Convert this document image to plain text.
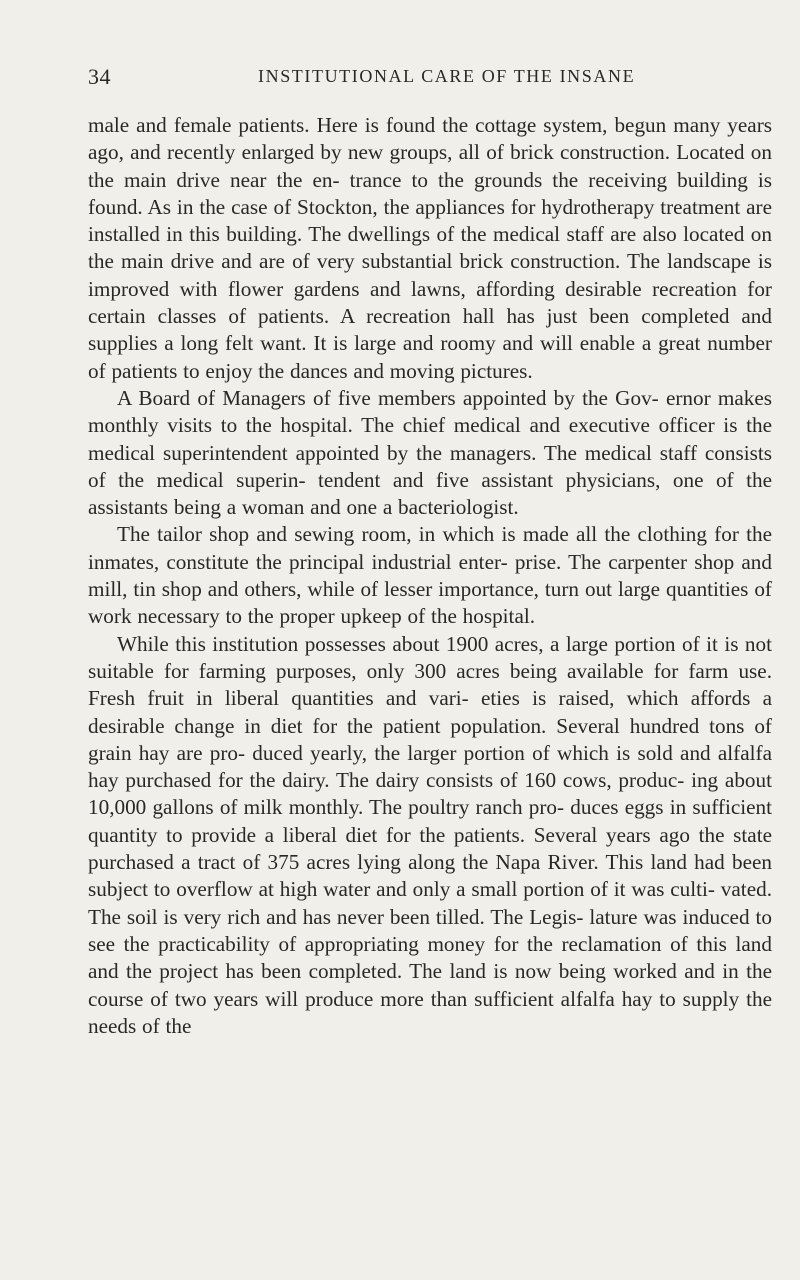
34	INSTITUTIONAL CARE OF THE INSANE

male and female patients. Here is found the cottage system, begun many years ago, and recently enlarged by new groups, all of brick construction. Located on the main drive near the en- trance to the grounds the receiving building is found. As in the case of Stockton, the appliances for hydrotherapy treatment are installed in this building. The dwellings of the medical staff are also located on the main drive and are of very substantial brick construction. The landscape is improved with flower gardens and lawns, affording desirable recreation for certain classes of patients. A recreation hall has just been completed and supplies a long felt want. It is large and roomy and will enable a great number of patients to enjoy the dances and moving pictures.

A Board of Managers of five members appointed by the Gov- ernor makes monthly visits to the hospital. The chief medical and executive officer is the medical superintendent appointed by the managers. The medical staff consists of the medical superin- tendent and five assistant physicians, one of the assistants being a woman and one a bacteriologist.

The tailor shop and sewing room, in which is made all the clothing for the inmates, constitute the principal industrial enter- prise. The carpenter shop and mill, tin shop and others, while of lesser importance, turn out large quantities of work necessary to the proper upkeep of the hospital.

While this institution possesses about 1900 acres, a large portion of it is not suitable for farming purposes, only 300 acres being available for farm use. Fresh fruit in liberal quantities and vari- eties is raised, which affords a desirable change in diet for the patient population. Several hundred tons of grain hay are pro- duced yearly, the larger portion of which is sold and alfalfa hay purchased for the dairy. The dairy consists of 160 cows, produc- ing about 10,000 gallons of milk monthly. The poultry ranch pro- duces eggs in sufficient quantity to provide a liberal diet for the patients. Several years ago the state purchased a tract of 375 acres lying along the Napa River. This land had been subject to overflow at high water and only a small portion of it was culti- vated. The soil is very rich and has never been tilled. The Legis- lature was induced to see the practicability of appropriating money for the reclamation of this land and the project has been completed. The land is now being worked and in the course of two years will produce more than sufficient alfalfa hay to supply the needs of the
